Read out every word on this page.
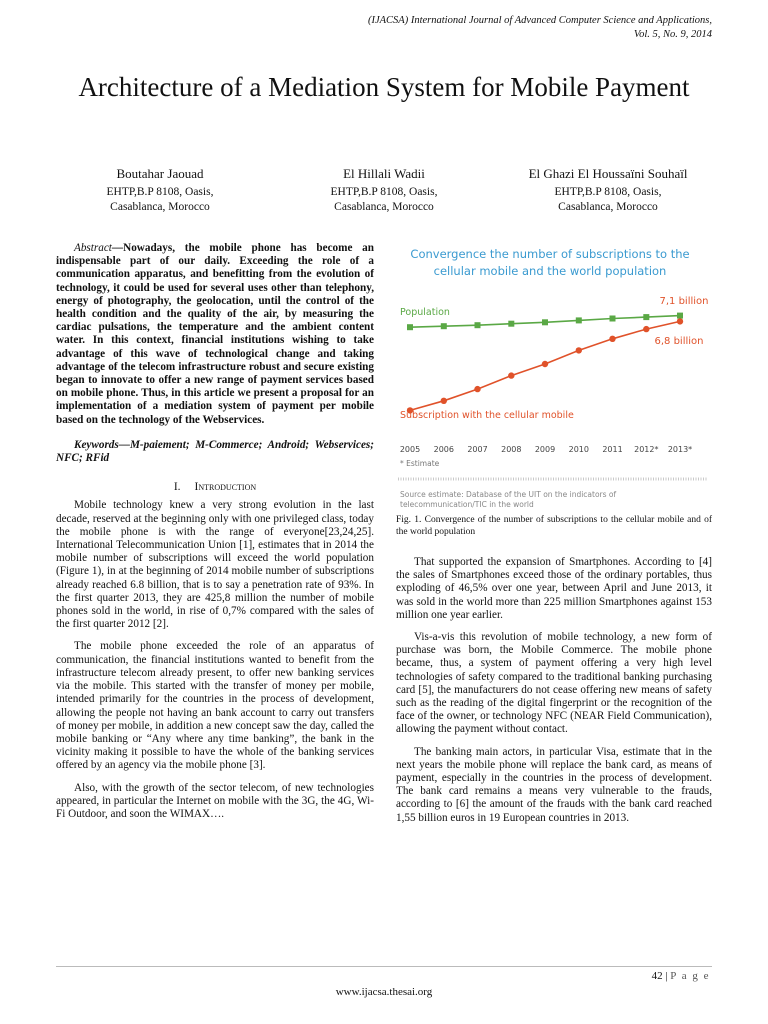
(IJACSA) International Journal of Advanced Computer Science and Applications,
Vol. 5, No. 9, 2014
Architecture of a Mediation System for Mobile Payment
Boutahar Jaouad
EHTP,B.P 8108, Oasis,
Casablanca, Morocco
El Hillali Wadii
EHTP,B.P 8108, Oasis,
Casablanca, Morocco
El Ghazi El Houssaïni Souhaïl
EHTP,B.P 8108, Oasis,
Casablanca, Morocco

Abstract—Nowadays, the mobile phone has become an indispensable part of our daily. Exceeding the role of a communication apparatus, and benefitting from the evolution of technology, it could be used for several uses other than telephony, energy of photography, the geolocation, until the control of the health condition and the quality of the air, by measuring the cardiac pulsations, the temperature and the ambient content water. In this context, financial institutions wishing to take advantage of this wave of technological change and taking advantage of the telecom infrastructure robust and secure existing began to innovate to offer a new range of payment services based on mobile phone. Thus, in this article we present a proposal for an implementation of a mediation system of payment per mobile based on the technology of the Webservices.

Keywords—M-paiement; M-Commerce; Android; Webservices; NFC; RFid

I. Introduction

Mobile technology knew a very strong evolution in the last decade, reserved at the beginning only with one privileged class, today the mobile phone is with the range of everyone[23,24,25]. International Telecommunication Union [1], estimates that in 2014 the mobile number of subscriptions will exceed the world population (Figure 1), in at the beginning of 2014 mobile number of subscriptions already reached 6.8 billion, that is to say a penetration rate of 93%. In the first quarter 2013, they are 425,8 million the number of mobile phones sold in the world, in rise of 0,7% compared with the sales of the first quarter 2012 [2].

The mobile phone exceeded the role of an apparatus of communication, the financial institutions wanted to benefit from the infrastructure telecom already present, to offer new banking services via the mobile. This started with the transfer of money per mobile, intended primarily for the countries in the process of development, allowing the people not having an bank account to carry out transfers of money per mobile, in addition a new concept saw the day, called the mobile banking or “Any where any time banking”, the bank in the vicinity making it possible to have the whole of the banking services offered by an agency via the mobile phone [3].

Also, with the growth of the sector telecom, of new technologies appeared, in particular the Internet on mobile with the 3G, the 4G, Wi-Fi Outdoor, and soon the WIMAX….

Convergence the number of subscriptions to the
cellular mobile and the world population
Population
Subscription with the cellular mobile
7,1 billion
6,8 billion
2005 2006 2007 2008 2009 2010 2011 2012* 2013*
* Estimate
Source estimate: Database of the UIT on the indicators of
telecommunication/TIC in the world
Fig. 1. Convergence of the number of subscriptions to the cellular mobile and of the world population

That supported the expansion of Smartphones. According to [4] the sales of Smartphones exceed those of the ordinary portables, thus exploding of 46,5% over one year, between April and June 2013, it was sold in the world more than 225 million Smartphones against 153 million one year earlier.

Vis-a-vis this revolution of mobile technology, a new form of purchase was born, the Mobile Commerce. The mobile phone became, thus, a system of payment offering a very high level technologies of safety compared to the traditional banking purchasing card [5], the manufacturers do not cease offering new means of safety such as the reading of the digital fingerprint or the recognition of the face of the owner, or technology NFC (NEAR Field Communication), allowing the payment without contact.

The banking main actors, in particular Visa, estimate that in the next years the mobile phone will replace the bank card, as means of payment, especially in the countries in the process of development. The bank card remains a means very vulnerable to the frauds, according to [6] the amount of the frauds with the bank card reached 1,55 billion euros in 19 European countries in 2013.

42 | P a g e
www.ijacsa.thesai.org
